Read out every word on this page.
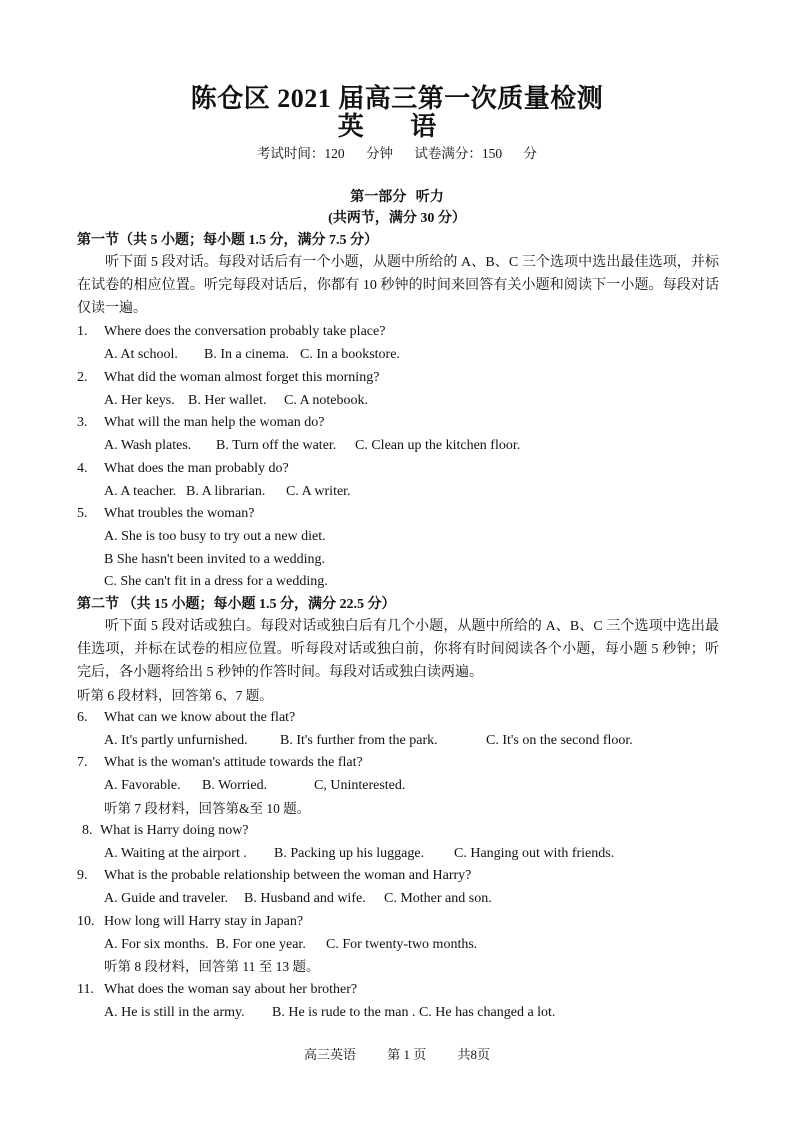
陈仓区 2021 届高三第一次质量检测
英 语
考试时间：120 分钟 试卷满分：150 分
第一部分 听力
(共两节，满分 30 分）
第一节（共 5 小题；每小题 1.5 分，满分 7.5 分）
听下面 5 段对话。每段对话后有一个小题，从题中所给的 A、B、C 三个选项中选出最佳选项，并标在试卷的相应位置。听完每段对话后，你都有 10 秒钟的时间来回答有关小题和阅读下一小题。每段对话仅读一遍。
1. Where does the conversation probably take place?
A. At school. B. In a cinema. C. In a bookstore.
2. What did the woman almost forget this morning?
A. Her keys. B. Her wallet. C. A notebook.
3. What will the man help the woman do?
A. Wash plates. B. Turn off the water. C. Clean up the kitchen floor.
4. What does the man probably do?
A. A teacher. B. A librarian. C. A writer.
5. What troubles the woman?
A. She is too busy to try out a new diet.
B She hasn't been invited to a wedding.
C. She can't fit in a dress for a wedding.
第二节 （共 15 小题；每小题 1.5 分，满分 22.5 分）
听下面 5 段对话或独白。每段对话或独白后有几个小题，从题中所给的 A、B、C 三个选项中选出最佳选项，并标在试卷的相应位置。听每段对话或独白前，你将有时间阅读各个小题，每小题 5 秒钟；听完后，各小题将给出 5 秒钟的作答时间。每段对话或独白读两遍。
听第 6 段材料，回答第 6、7 题。
6. What can we know about the flat?
A. It's partly unfurnished. B. It's further from the park.	C. It's on the second floor.
7. What is the woman's attitude towards the flat?
A. Favorable. B. Worried.	C, Uninterested.
听第 7 段材料，回答第&至 10 题。
8. What is Harry doing now?
A. Waiting at the airport . B. Packing up his luggage. C. Hanging out with friends.
9. What is the probable relationship between the woman and Harry?
A. Guide and traveler. B. Husband and wife. C. Mother and son.
10. How long will Harry stay in Japan?
A. For six months. B. For one year. C. For twenty-two months.
听第 8 段材料，回答第 11 至 13 题。
11. What does the woman say about her brother?
A. He is still in the army. B. He is rude to the man . C. He has changed a lot.
高三英语 第 1 页 共8页
